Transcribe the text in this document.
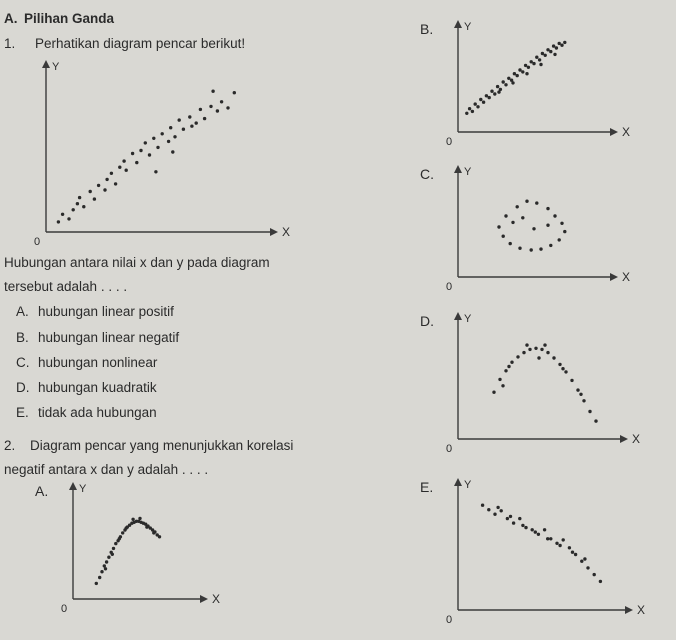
A. Pilihan Ganda
1. Perhatikan diagram pencar berikut!
X
Y
0
Hubungan antara nilai x dan y pada diagram
tersebut adalah . . . .
A. hubungan linear positif
B. hubungan linear negatif
C. hubungan nonlinear
D. hubungan kuadratik
E. tidak ada hubungan
2. Diagram pencar yang menunjukkan korelasi
negatif antara x dan y adalah . . . .
A.
X
Y
0
B.
X
Y
0
C.
X
Y
0
D.
X
Y
0
E.
X
Y
0
